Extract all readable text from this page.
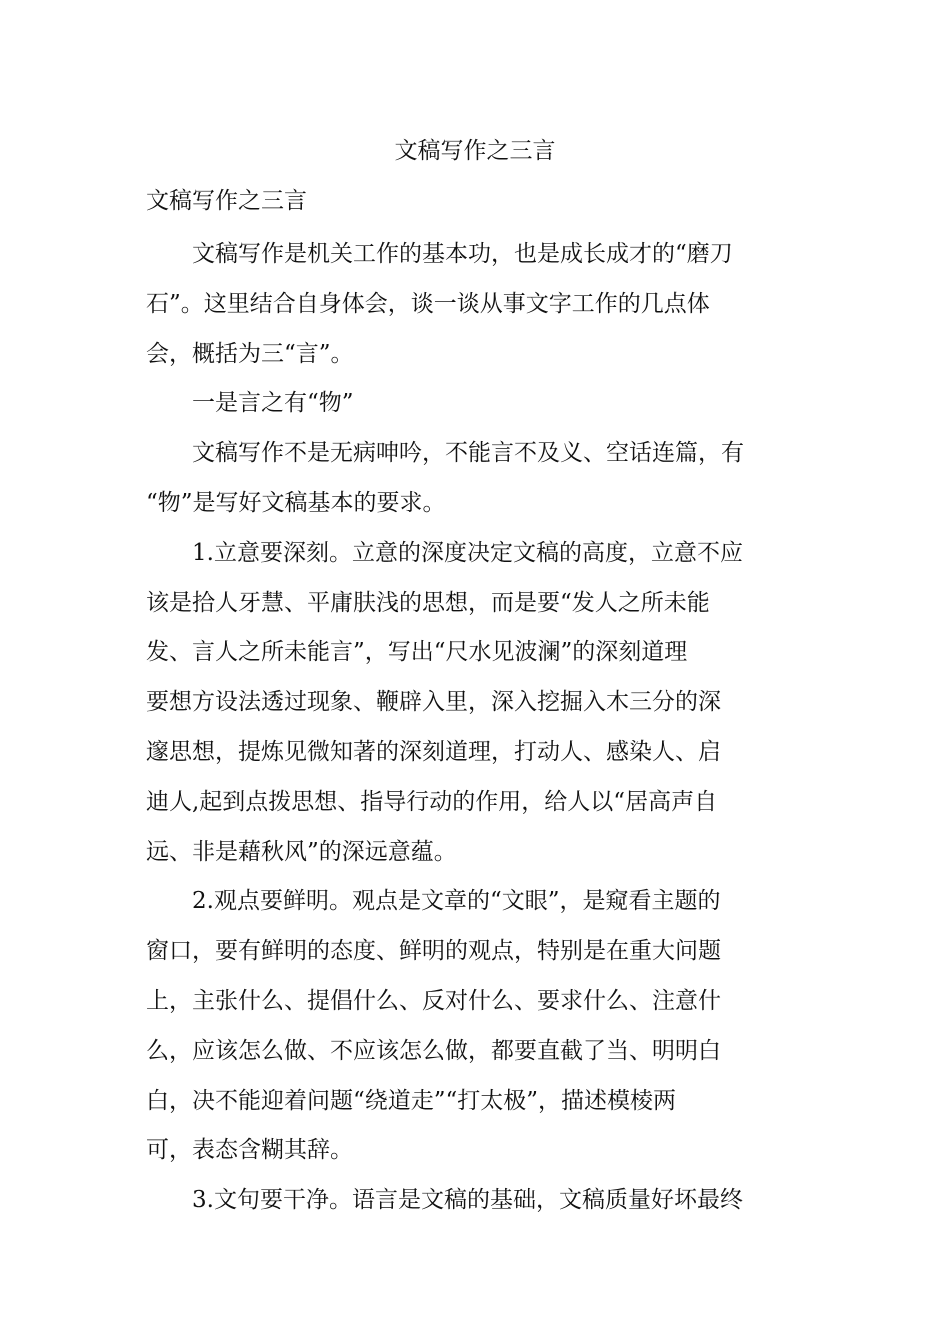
文稿写作之三言
文稿写作之三言

文稿写作是机关工作的基本功，也是成长成才的“磨刀
石”。这里结合自身体会，谈一谈从事文字工作的几点体
会，概括为三“言”。

一是言之有“物”

文稿写作不是无病呻吟，不能言不及义、空话连篇，有
“物”是写好文稿基本的要求。

1.立意要深刻。立意的深度决定文稿的高度，立意不应
该是拾人牙慧、平庸肤浅的思想，而是要“发人之所未能
发、言人之所未能言”，写出“尺水见波澜”的深刻道理
要想方设法透过现象、鞭辟入里，深入挖掘入木三分的深
邃思想，提炼见微知著的深刻道理，打动人、感染人、启
迪人,起到点拨思想、指导行动的作用，给人以“居高声自
远、非是藉秋风”的深远意蕴。

2.观点要鲜明。观点是文章的“文眼”，是窥看主题的
窗口，要有鲜明的态度、鲜明的观点，特别是在重大问题
上，主张什么、提倡什么、反对什么、要求什么、注意什
么，应该怎么做、不应该怎么做，都要直截了当、明明白
白，决不能迎着问题“绕道走”“打太极”，描述模棱两
可，表态含糊其辞。

3.文句要干净。语言是文稿的基础，文稿质量好坏最终
